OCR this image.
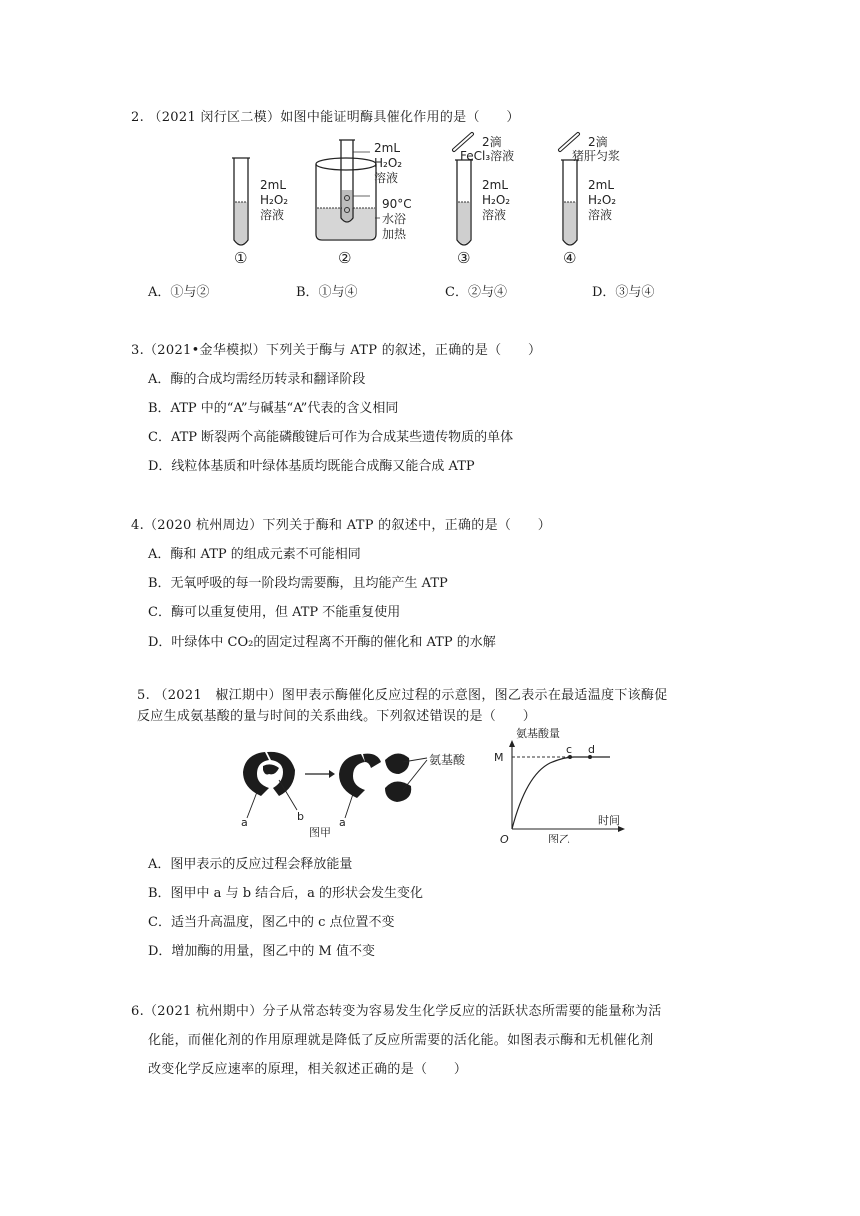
2. （2021 闵行区二模）如图中能证明酶具催化作用的是（　　）
2mL
H₂O₂
溶液
2mL
H₂O₂
溶液
90°C
水浴
加热
2滴
FeCl₃溶液
2mL
H₂O₂
溶液
2滴
猪肝匀浆
2mL
H₂O₂
溶液
①	②	③	④
A．①与②	B．①与④	C．②与④	D．③与④
3.（2021•金华模拟）下列关于酶与 ATP 的叙述，正确的是（　　）
A．酶的合成均需经历转录和翻译阶段
B．ATP 中的“A”与碱基“A”代表的含义相同
C．ATP 断裂两个高能磷酸键后可作为合成某些遗传物质的单体
D．线粒体基质和叶绿体基质均既能合成酶又能合成 ATP
4.（2020 杭州周边）下列关于酶和 ATP 的叙述中，正确的是（　　）
A．酶和 ATP 的组成元素不可能相同
B．无氧呼吸的每一阶段均需要酶，且均能产生 ATP
C．酶可以重复使用，但 ATP 不能重复使用
D．叶绿体中 CO₂的固定过程离不开酶的催化和 ATP 的水解
5. （2021　椒江期中）图甲表示酶催化反应过程的示意图，图乙表示在最适温度下该酶促
反应生成氨基酸的量与时间的关系曲线。下列叙述错误的是（　　）
a	b	a
氨基酸
图甲
氨基酸量
M
c d
O
时间
图乙
A．图甲表示的反应过程会释放能量
B．图甲中 a 与 b 结合后，a 的形状会发生变化
C．适当升高温度，图乙中的 c 点位置不变
D．增加酶的用量，图乙中的 M 值不变
6.（2021 杭州期中）分子从常态转变为容易发生化学反应的活跃状态所需要的能量称为活
化能，而催化剂的作用原理就是降低了反应所需要的活化能。如图表示酶和无机催化剂
改变化学反应速率的原理，相关叙述正确的是（　　）
